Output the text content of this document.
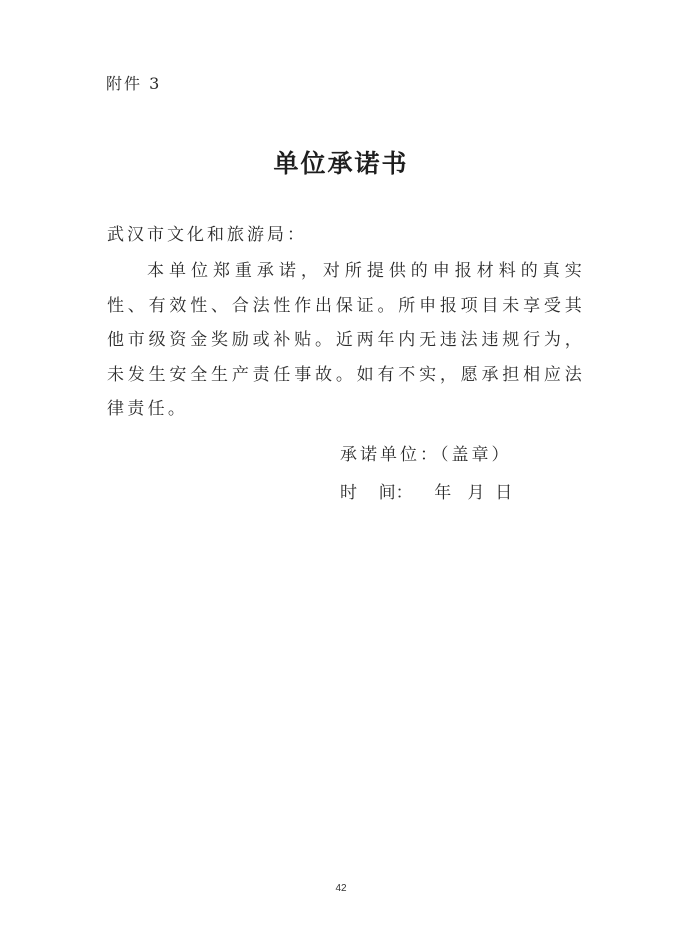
附件 3
单位承诺书
武汉市文化和旅游局：

本单位郑重承诺，对所提供的申报材料的真实性、有效性、合法性作出保证。所申报项目未享受其他市级资金奖励或补贴。近两年内无违法违规行为，未发生安全生产责任事故。如有不实，愿承担相应法律责任。

承诺单位：（盖章）
时    间：    年   月  日
42
